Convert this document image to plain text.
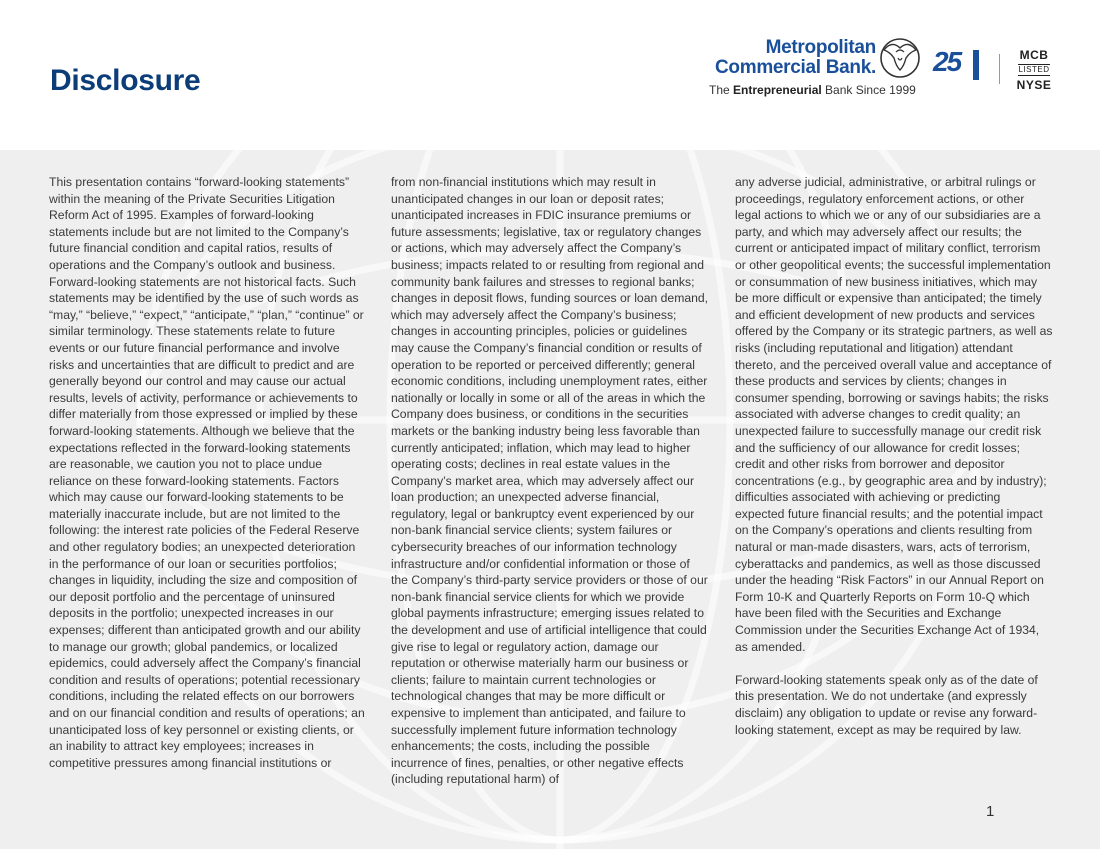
Disclosure
Metropolitan
Commercial Bank.
The Entrepreneurial Bank Since 1999
25	MCB
LISTED
NYSE

This presentation contains “forward-looking statements” within the meaning of the Private Securities Litigation Reform Act of 1995. Examples of forward-looking statements include but are not limited to the Company’s future financial condition and capital ratios, results of operations and the Company’s outlook and business. Forward-looking statements are not historical facts. Such statements may be identified by the use of such words as “may,” “believe,” “expect,” “anticipate,” “plan,” “continue” or similar terminology. These statements relate to future events or our future financial performance and involve risks and uncertainties that are difficult to predict and are generally beyond our control and may cause our actual results, levels of activity, performance or achievements to differ materially from those expressed or implied by these forward-looking statements. Although we believe that the expectations reflected in the forward-looking statements are reasonable, we caution you not to place undue reliance on these forward-looking statements. Factors which may cause our forward-looking statements to be materially inaccurate include, but are not limited to the following: the interest rate policies of the Federal Reserve and other regulatory bodies; an unexpected deterioration in the performance of our loan or securities portfolios; changes in liquidity, including the size and composition of our deposit portfolio and the percentage of uninsured deposits in the portfolio; unexpected increases in our expenses; different than anticipated growth and our ability to manage our growth; global pandemics, or localized epidemics, could adversely affect the Company’s financial condition and results of operations; potential recessionary conditions, including the related effects on our borrowers and on our financial condition and results of operations; an unanticipated loss of key personnel or existing clients, or an inability to attract key employees; increases in competitive pressures among financial institutions or

from non-financial institutions which may result in unanticipated changes in our loan or deposit rates; unanticipated increases in FDIC insurance premiums or future assessments; legislative, tax or regulatory changes or actions, which may adversely affect the Company’s business; impacts related to or resulting from regional and community bank failures and stresses to regional banks; changes in deposit flows, funding sources or loan demand, which may adversely affect the Company’s business; changes in accounting principles, policies or guidelines may cause the Company’s financial condition or results of operation to be reported or perceived differently; general economic conditions, including unemployment rates, either nationally or locally in some or all of the areas in which the Company does business, or conditions in the securities markets or the banking industry being less favorable than currently anticipated; inflation, which may lead to higher operating costs; declines in real estate values in the Company’s market area, which may adversely affect our loan production; an unexpected adverse financial, regulatory, legal or bankruptcy event experienced by our non-bank financial service clients; system failures or cybersecurity breaches of our information technology infrastructure and/or confidential information or those of the Company’s third-party service providers or those of our non-bank financial service clients for which we provide global payments infrastructure; emerging issues related to the development and use of artificial intelligence that could give rise to legal or regulatory action, damage our reputation or otherwise materially harm our business or clients; failure to maintain current technologies or technological changes that may be more difficult or expensive to implement than anticipated, and failure to successfully implement future information technology enhancements; the costs, including the possible incurrence of fines, penalties, or other negative effects (including reputational harm) of

any adverse judicial, administrative, or arbitral rulings or proceedings, regulatory enforcement actions, or other legal actions to which we or any of our subsidiaries are a party, and which may adversely affect our results; the current or anticipated impact of military conflict, terrorism or other geopolitical events; the successful implementation or consummation of new business initiatives, which may be more difficult or expensive than anticipated; the timely and efficient development of new products and services offered by the Company or its strategic partners, as well as risks (including reputational and litigation) attendant thereto, and the perceived overall value and acceptance of these products and services by clients; changes in consumer spending, borrowing or savings habits; the risks associated with adverse changes to credit quality; an unexpected failure to successfully manage our credit risk and the sufficiency of our allowance for credit losses; credit and other risks from borrower and depositor concentrations (e.g., by geographic area and by industry); difficulties associated with achieving or predicting expected future financial results; and the potential impact on the Company’s operations and clients resulting from natural or man-made disasters, wars, acts of terrorism, cyberattacks and pandemics, as well as those discussed under the heading “Risk Factors” in our Annual Report on Form 10-K and Quarterly Reports on Form 10-Q which have been filed with the Securities and Exchange Commission under the Securities Exchange Act of 1934, as amended.

Forward-looking statements speak only as of the date of this presentation. We do not undertake (and expressly disclaim) any obligation to update or revise any forward-looking statement, except as may be required by law.

1
